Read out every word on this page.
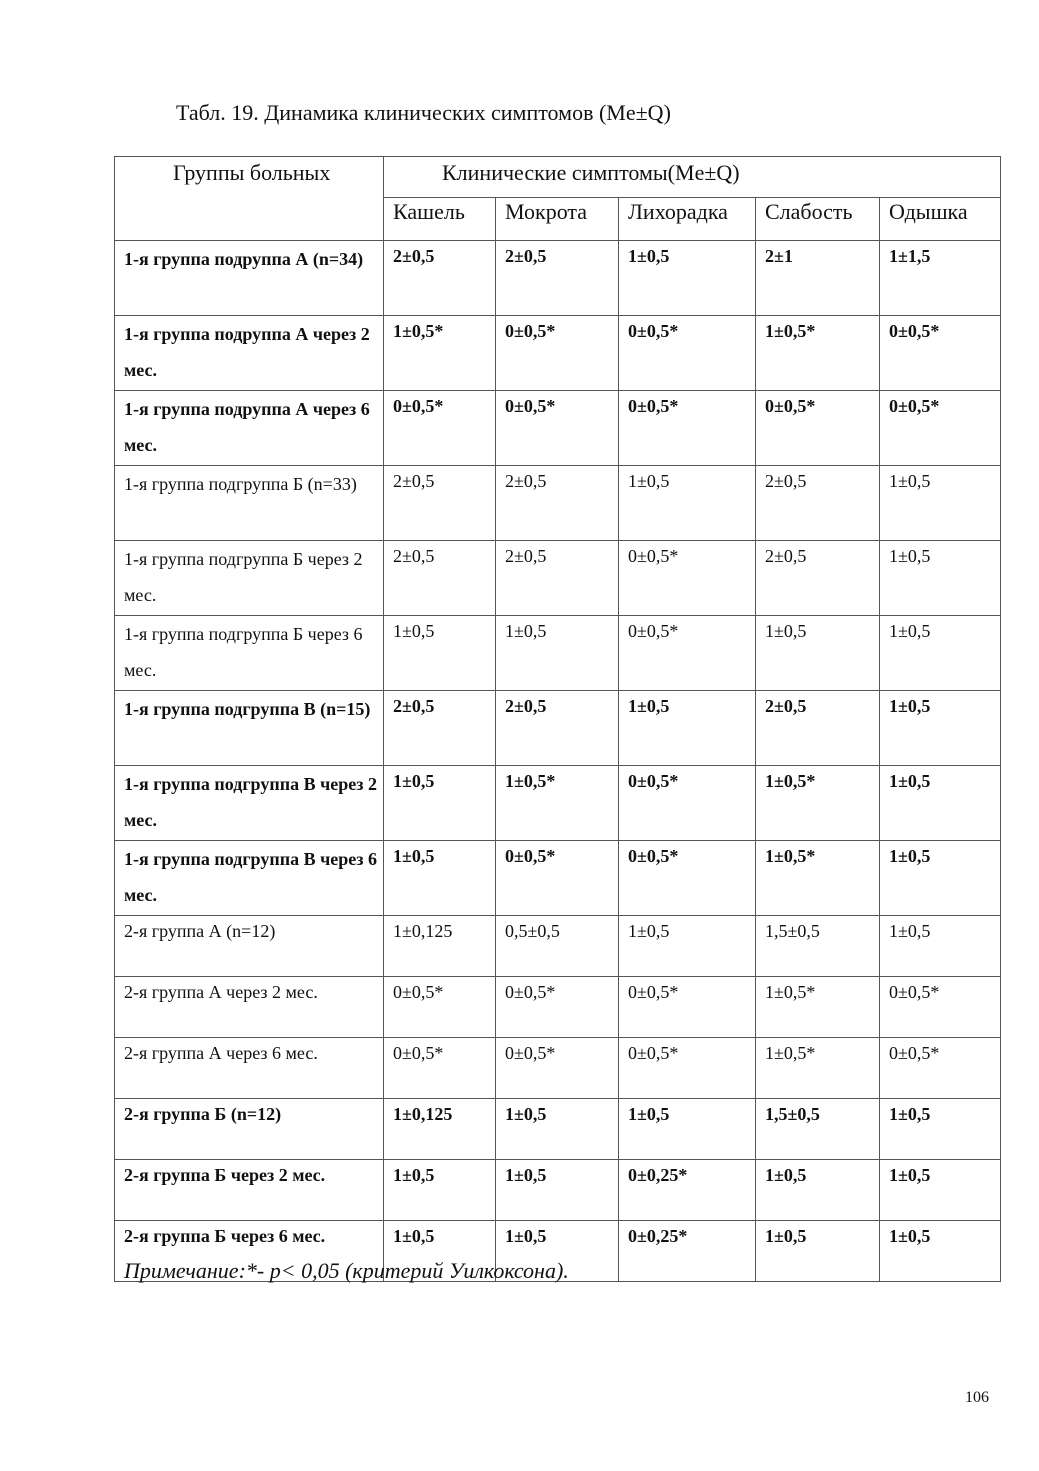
Табл. 19. Динамика клинических симптомов (Me±Q)
Группы больных	Клинические симптомы(Me±Q)				
	Кашель	Мокрота	Лихорадка	Слабость	Одышка
1-я группа подруппа А (n=34)	2±0,5	2±0,5	1±0,5	2±1	1±1,5
1-я группа подруппа А через 2 мес.	1±0,5*	0±0,5*	0±0,5*	1±0,5*	0±0,5*
1-я группа подруппа А через 6 мес.	0±0,5*	0±0,5*	0±0,5*	0±0,5*	0±0,5*
1-я группа подгруппа Б (n=33)	2±0,5	2±0,5	1±0,5	2±0,5	1±0,5
1-я группа подгруппа Б через 2 мес.	2±0,5	2±0,5	0±0,5*	2±0,5	1±0,5
1-я группа подгруппа Б через 6 мес.	1±0,5	1±0,5	0±0,5*	1±0,5	1±0,5
1-я группа подгруппа В (n=15)	2±0,5	2±0,5	1±0,5	2±0,5	1±0,5
1-я группа подгруппа В через 2 мес.	1±0,5	1±0,5*	0±0,5*	1±0,5*	1±0,5
1-я группа подгруппа В через 6 мес.	1±0,5	0±0,5*	0±0,5*	1±0,5*	1±0,5
2-я группа А (n=12)	1±0,125	0,5±0,5	1±0,5	1,5±0,5	1±0,5
2-я группа А через 2 мес.	0±0,5*	0±0,5*	0±0,5*	1±0,5*	0±0,5*
2-я группа А через 6 мес.	0±0,5*	0±0,5*	0±0,5*	1±0,5*	0±0,5*
2-я группа Б (n=12)	1±0,125	1±0,5	1±0,5	1,5±0,5	1±0,5
2-я группа Б через 2 мес.	1±0,5	1±0,5	0±0,25*	1±0,5	1±0,5
2-я группа Б через 6 мес.	1±0,5	1±0,5	0±0,25*	1±0,5	1±0,5
Примечание:*- p< 0,05 (критерий Уилкоксона).
106
